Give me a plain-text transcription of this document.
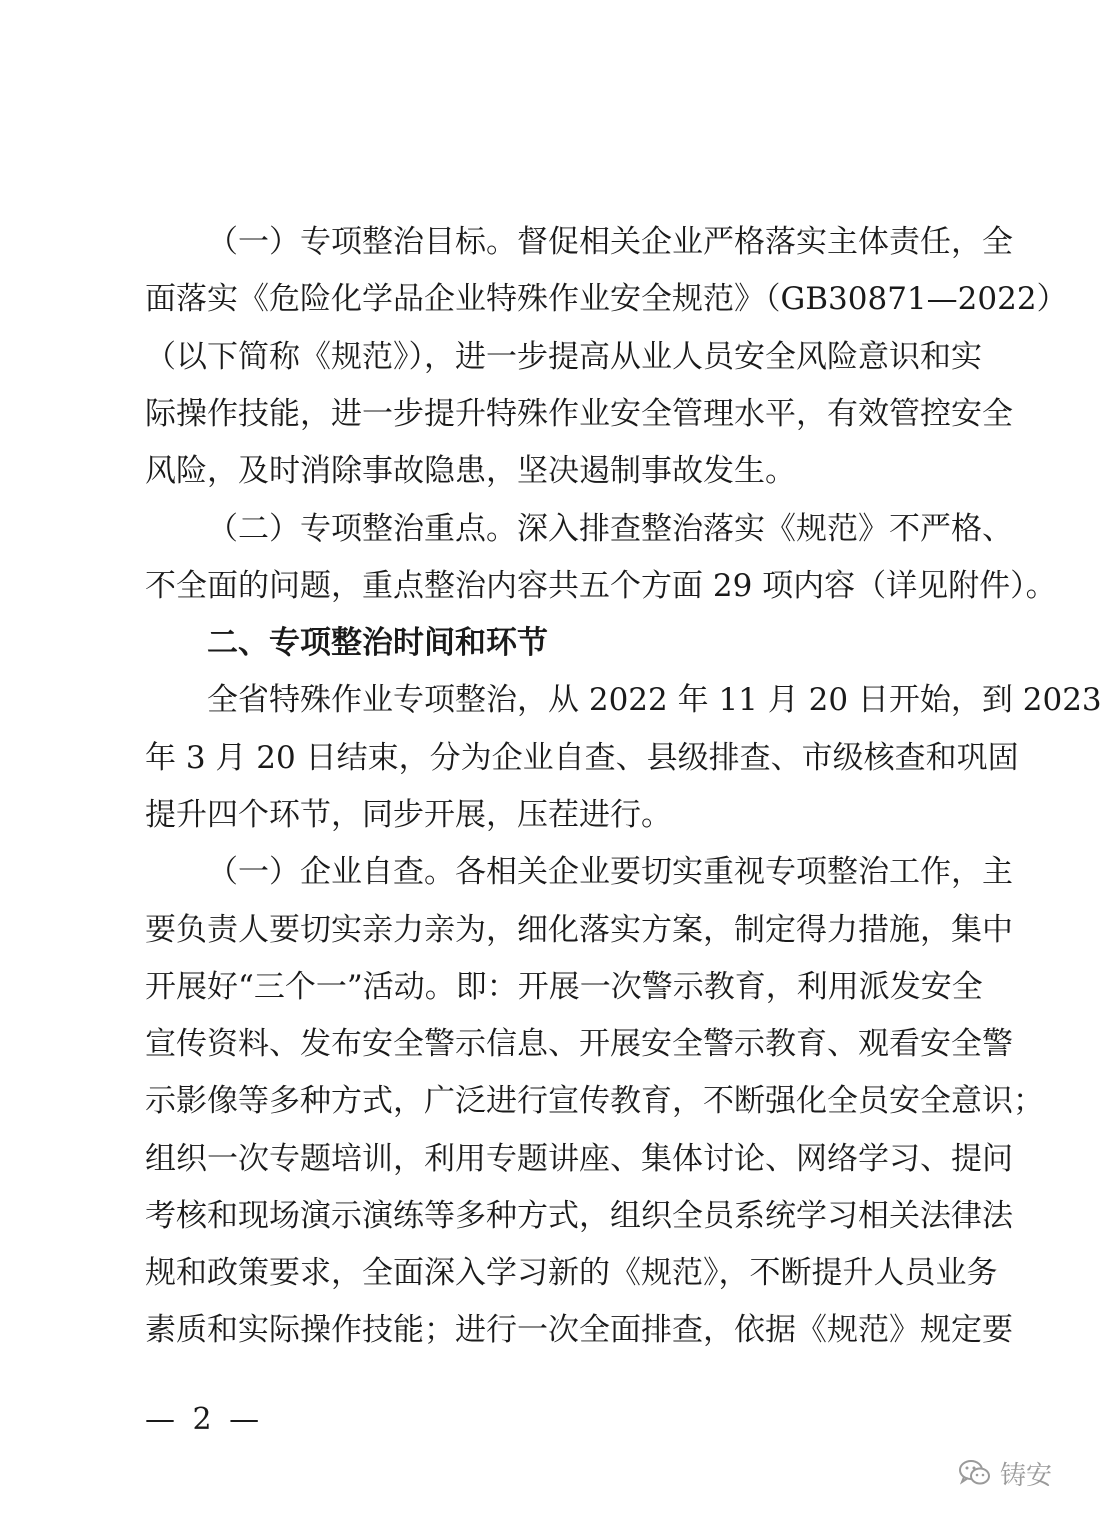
（一）专项整治目标。督促相关企业严格落实主体责任，全
面落实《危险化学品企业特殊作业安全规范》（GB30871—2022）
（以下简称《规范》），进一步提高从业人员安全风险意识和实
际操作技能，进一步提升特殊作业安全管理水平，有效管控安全
风险，及时消除事故隐患，坚决遏制事故发生。
（二）专项整治重点。深入排查整治落实《规范》不严格、
不全面的问题，重点整治内容共五个方面 29 项内容（详见附件）。
二、专项整治时间和环节
全省特殊作业专项整治，从 2022 年 11 月 20 日开始，到 2023
年 3 月 20 日结束，分为企业自查、县级排查、市级核查和巩固
提升四个环节，同步开展，压茬进行。
（一）企业自查。各相关企业要切实重视专项整治工作，主
要负责人要切实亲力亲为，细化落实方案，制定得力措施，集中
开展好“三个一”活动。即：开展一次警示教育，利用派发安全
宣传资料、发布安全警示信息、开展安全警示教育、观看安全警
示影像等多种方式，广泛进行宣传教育，不断强化全员安全意识；
组织一次专题培训，利用专题讲座、集体讨论、网络学习、提问
考核和现场演示演练等多种方式，组织全员系统学习相关法律法
规和政策要求，全面深入学习新的《规范》，不断提升人员业务
素质和实际操作技能；进行一次全面排查，依据《规范》规定要
— 2 —
铸安
